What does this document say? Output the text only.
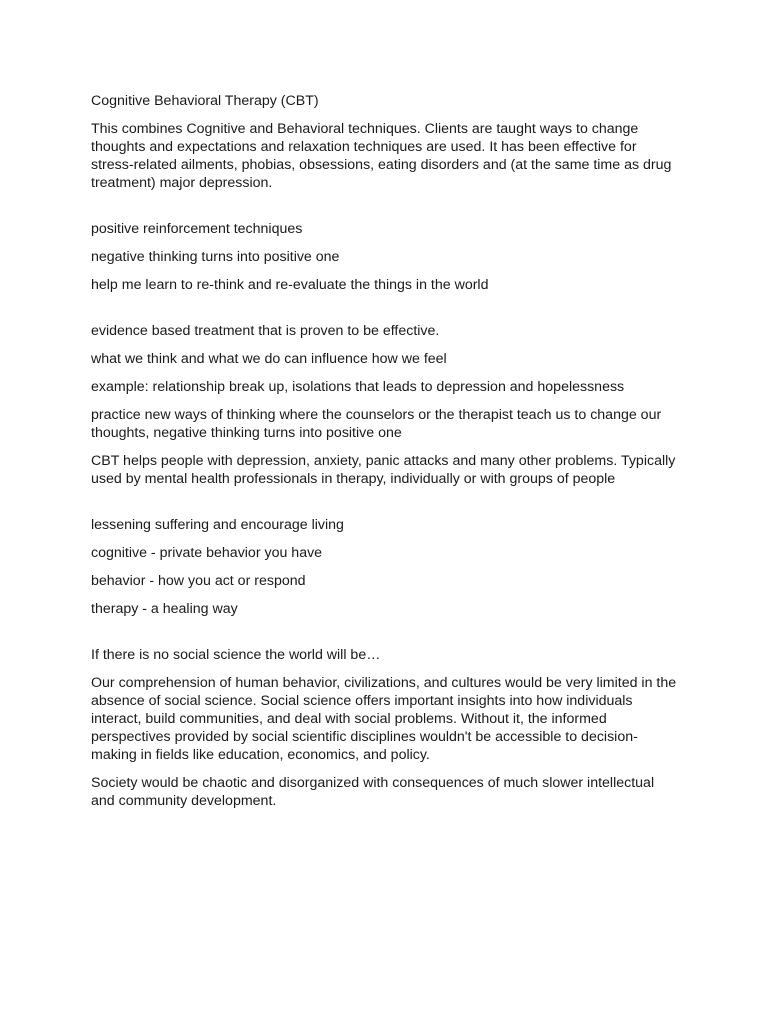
Cognitive Behavioral Therapy (CBT)

This combines Cognitive and Behavioral techniques. Clients are taught ways to change thoughts and expectations and relaxation techniques are used. It has been effective for stress-related ailments, phobias, obsessions, eating disorders and (at the same time as drug treatment) major depression.

positive reinforcement techniques

negative thinking turns into positive one

help me learn to re-think and re-evaluate the things in the world

evidence based treatment that is proven to be effective.

what we think and what we do can influence how we feel

example: relationship break up, isolations that leads to depression and hopelessness

practice new ways of thinking where the counselors or the therapist teach us to change our thoughts, negative thinking turns into positive one

CBT helps people with depression, anxiety, panic attacks and many other problems. Typically used by mental health professionals in therapy, individually or with groups of people

lessening suffering and encourage living

cognitive - private behavior you have

behavior - how you act or respond

therapy - a healing way

If there is no social science the world will be…

Our comprehension of human behavior, civilizations, and cultures would be very limited in the absence of social science. Social science offers important insights into how individuals interact, build communities, and deal with social problems. Without it, the informed perspectives provided by social scientific disciplines wouldn't be accessible to decision-making in fields like education, economics, and policy.

Society would be chaotic and disorganized with consequences of much slower intellectual and community development.
